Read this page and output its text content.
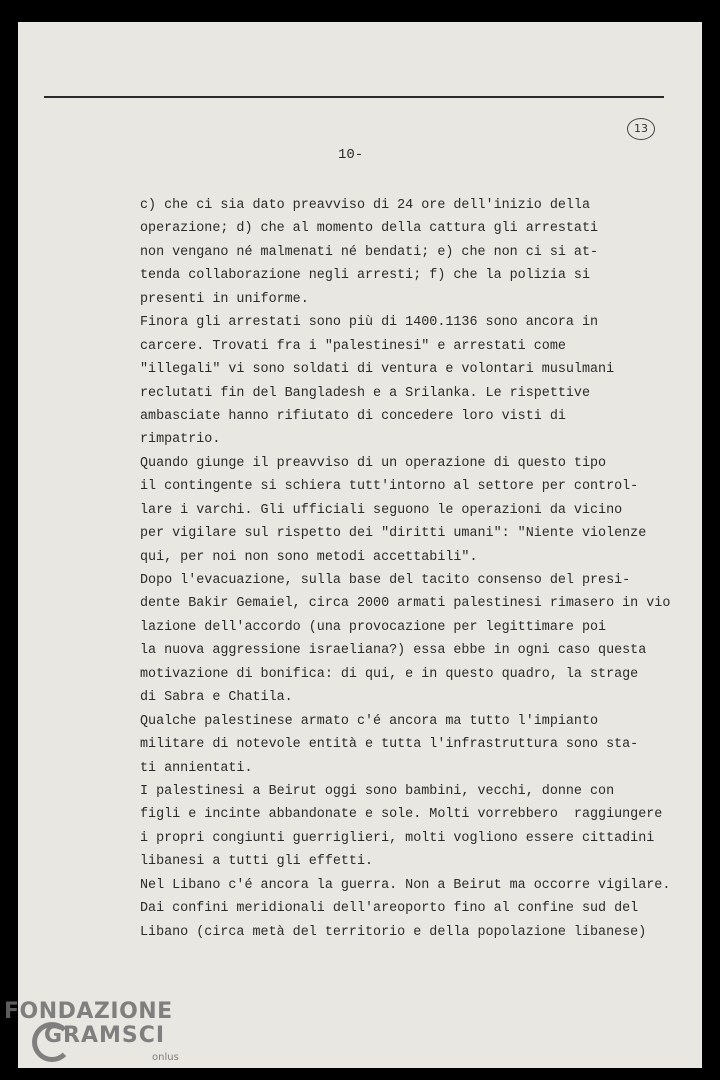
13
10-
c) che ci sia dato preavviso di 24 ore dell'inizio della
operazione; d) che al momento della cattura gli arrestati
non vengano né malmenati né bendati; e) che non ci si at-
tenda collaborazione negli arresti; f) che la polizia si
presenti in uniforme.
Finora gli arrestati sono più di 1400.1136 sono ancora in
carcere. Trovati fra i "palestinesi" e arrestati come
"illegali" vi sono soldati di ventura e volontari musulmani
reclutati fin del Bangladesh e a Srilanka. Le rispettive
ambasciate hanno rifiutato di concedere loro visti di
rimpatrio.
Quando giunge il preavviso di un operazione di questo tipo
il contingente si schiera tutt'intorno al settore per control-
lare i varchi. Gli ufficiali seguono le operazioni da vicino
per vigilare sul rispetto dei "diritti umani": "Niente violenze
qui, per noi non sono metodi accettabili".
Dopo l'evacuazione, sulla base del tacito consenso del presi-
dente Bakir Gemaiel, circa 2000 armati palestinesi rimasero in vio
lazione dell'accordo (una provocazione per legittimare poi
la nuova aggressione israeliana?) essa ebbe in ogni caso questa
motivazione di bonifica: di qui, e in questo quadro, la strage
di Sabra e Chatila.
Qualche palestinese armato c'é ancora ma tutto l'impianto
militare di notevole entità e tutta l'infrastruttura sono sta-
ti annientati.
I palestinesi a Beirut oggi sono bambini, vecchi, donne con
figli e incinte abbandonate e sole. Molti vorrebbero  raggiungere
i propri congiunti guerriglieri, molti vogliono essere cittadini
libanesi a tutti gli effetti.
Nel Libano c'é ancora la guerra. Non a Beirut ma occorre vigilare.
Dai confini meridionali dell'areoporto fino al confine sud del
Libano (circa metà del territorio e della popolazione libanese)
FONDAZIONE
GRAMSCI
onlus
